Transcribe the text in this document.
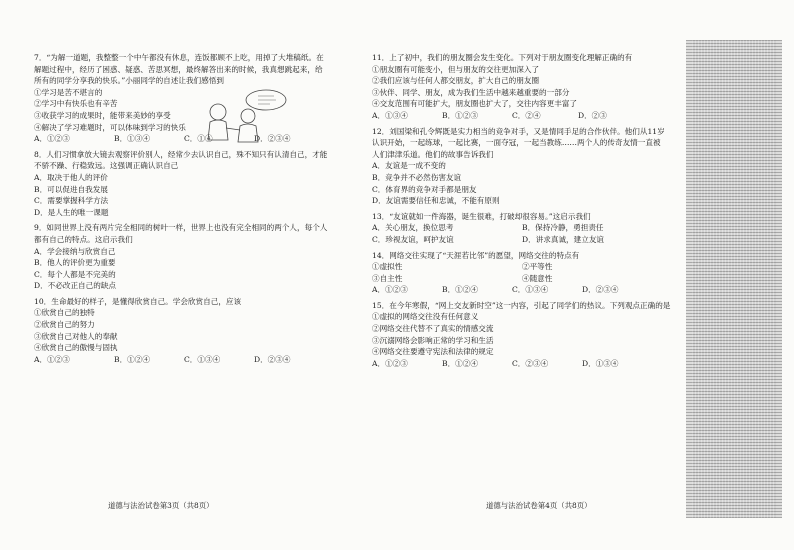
7．“为解一道题，我整整一个中午都没有休息，连饭都顾不上吃，用掉了大堆稿纸。在

解题过程中，经历了困惑、疑惑、苦思冥想，最终解答出来的时候，我真想跳起来，给

所有的同学分享我的快乐。”小丽同学的自述让我们感悟到

①学习是苦不堪言的

②学习中有快乐也有辛苦

③收获学习的成果时，能带来美妙的享受

④解决了学习难题时，可以体味到学习的快乐

A．①②③	B．①③④	C．①④	D．②③④

8．人们习惯拿放大镜去观察评价别人，经常少去认识自己，殊不知只有认清自己，才能

不骄不躁、行稳致远。这强调正确认识自己

A．取决于他人的评价

B．可以促进自我发展

C．需要掌握科学方法

D．是人生的唯一课题

9．如同世界上没有两片完全相同的树叶一样，世界上也没有完全相同的两个人，每个人

都有自己的特点。这启示我们

A．学会接纳与欣赏自己

B．他人的评价更为重要

C．每个人都是不完美的

D．不必改正自己的缺点

10．生命最好的样子，是懂得欣赏自己。学会欣赏自己，应该

①欣赏自己的独特

②欣赏自己的努力

③欣赏自己对他人的奉献

④欣赏自己的傲慢与固执

A．①②③	B．①②④	C．①③④	D．②③④

11．上了初中，我们的朋友圈会发生变化。下列对于朋友圈变化理解正确的有

①朋友圈有可能变小，但与朋友的交往更加深入了

②我们应该与任何人都交朋友，扩大自己的朋友圈

③伙伴、同学、朋友，成为我们生活中越来越重要的一部分

④交友范围有可能扩大，朋友圈也扩大了，交往内容更丰富了

A．①③④	B．①②③	C．②④	D．②③

12．刘国梁和孔令辉既是实力相当的竞争对手，又是情同手足的合作伙伴。他们从11岁

认识开始，一起练球，一起比赛，一面夺冠，一起当教练……两个人的传奇友情一直被

人们津津乐道。他们的故事告诉我们

A．友谊是一成不变的

B．竞争并不必然伤害友谊

C．体育界的竞争对手都是朋友

D．友谊需要信任和忠诚，不能有原则

13．“友谊就如一件海器，诞生很难，打破却很容易。”这启示我们

A．关心朋友，换位思考	B．保持冷静，勇担责任

C．珍视友谊，呵护友谊	D．讲求真诚，建立友谊

14．网络交往实现了“天涯若比邻”的愿望，网络交往的特点有

①虚拟性	②平等性

③自主性	④随意性

A．①②③	B．①②④	C．①③④	D．②③④

15．在今年寒假，“网上交友新时空”这一内容，引起了同学们的热议。下列观点正确的是

①虚拟的网络交往没有任何意义

②网络交往代替不了真实的情感交流

③沉溺网络会影响正常的学习和生活

④网络交往要遵守宪法和法律的规定

A．①②③	B．①②④	C．②③④	D．①③④

道德与法治试卷第3页（共8页）	道德与法治试卷第4页（共8页）
